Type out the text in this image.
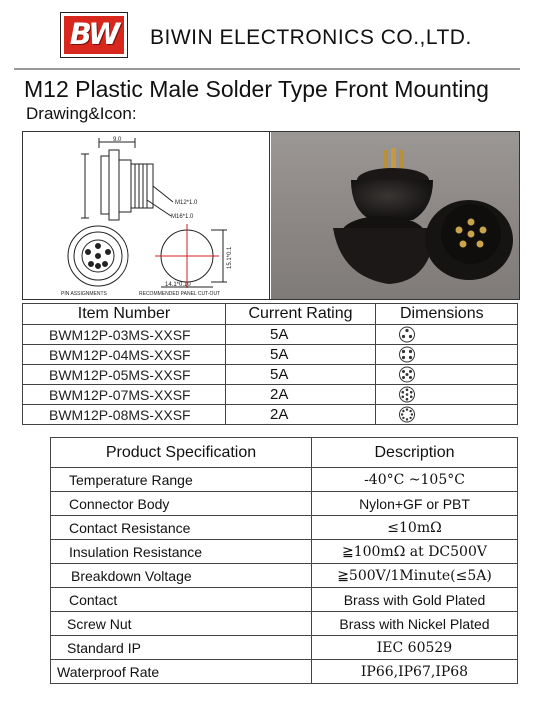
BW	BIWIN ELECTRONICS CO.,LTD.
M12 Plastic Male Solder Type Front Mounting
Drawing&Icon:
9.0
M12*1.0
M16*1.0
15.1*0.1
14.1*0.10
PIN ASSIGNMENTS	RECOMMENDED PANEL CUT-OUT
Item Number	Current Rating	Dimensions
BWM12P-03MS-XXSF	5A	

BWM12P-04MS-XXSF	5A	

BWM12P-05MS-XXSF	5A	

BWM12P-07MS-XXSF	2A	

BWM12P-08MS-XXSF	2A	
Product Specification	Description
Temperature Range	-40°C ~105°C
Connector Body	Nylon+GF or PBT
Contact Resistance	≤10mΩ
Insulation Resistance	≧100mΩ at DC500V
Breakdown Voltage	≧500V/1Minute(≤5A)
Contact	Brass with Gold Plated
Screw Nut	Brass with Nickel Plated
Standard IP	IEC 60529
Waterproof Rate	IP66,IP67,IP68
